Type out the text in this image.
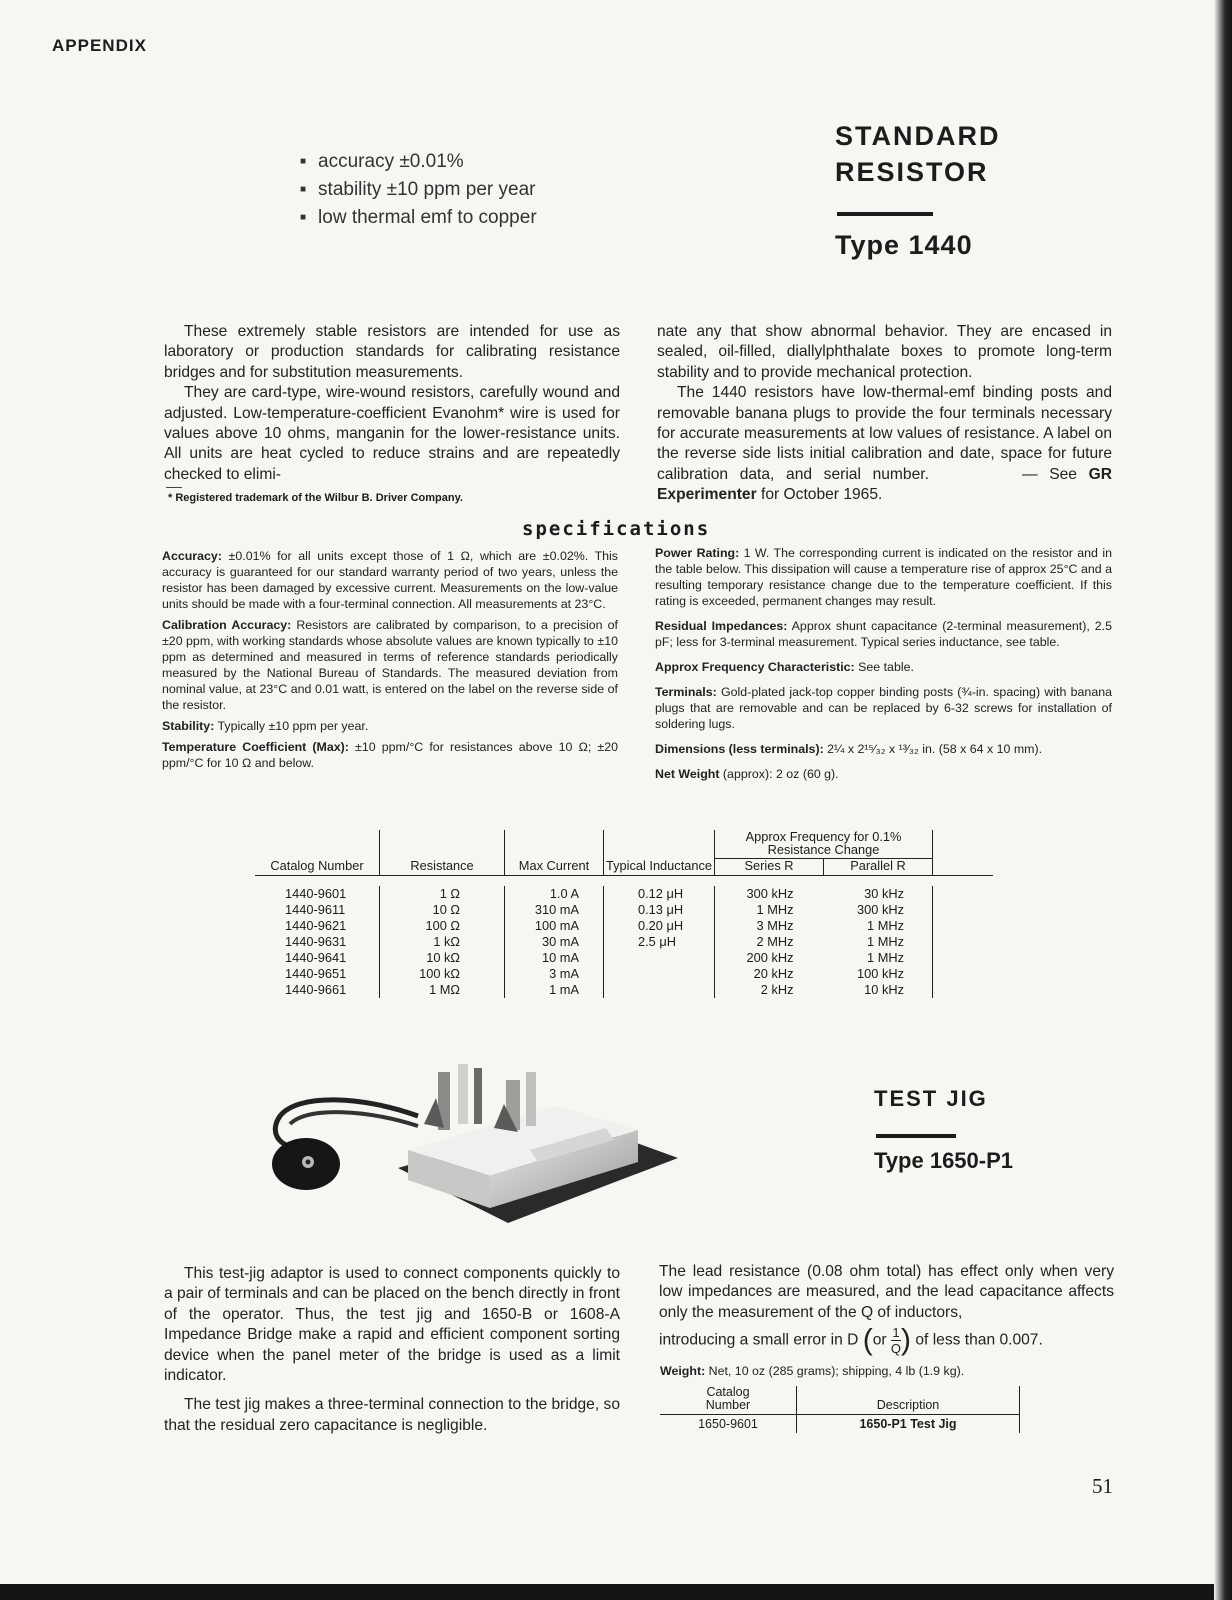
APPENDIX
■ accuracy ±0.01%
■ stability ±10 ppm per year
■ low thermal emf to copper
STANDARD
RESISTOR
Type 1440

These extremely stable resistors are intended for use as laboratory or production standards for calibrating resistance bridges and for substitution measurements.

They are card-type, wire-wound resistors, carefully wound and adjusted. Low-temperature-coefficient Evanohm* wire is used for values above 10 ohms, manganin for the lower-resistance units. All units are heat cycled to reduce strains and are repeatedly checked to elimi-

* Registered trademark of the Wilbur B. Driver Company.

nate any that show abnormal behavior. They are encased in sealed, oil-filled, diallylphthalate boxes to promote long-term stability and to provide mechanical protection.

The 1440 resistors have low-thermal-emf binding posts and removable banana plugs to provide the four terminals necessary for accurate measurements at low values of resistance. A label on the reverse side lists initial calibration and date, space for future calibration data, and serial number.	— See GR Experimenter for October 1965.

specifications

Accuracy: ±0.01% for all units except those of 1 Ω, which are ±0.02%. This accuracy is guaranteed for our standard warranty period of two years, unless the resistor has been damaged by excessive current. Measurements on the low-value units should be made with a four-terminal connection. All measurements at 23°C.

Calibration Accuracy: Resistors are calibrated by comparison, to a precision of ±20 ppm, with working standards whose absolute values are known typically to ±10 ppm as determined and measured in terms of reference standards periodically measured by the National Bureau of Standards. The measured deviation from nominal value, at 23°C and 0.01 watt, is entered on the label on the reverse side of the resistor.

Stability: Typically ±10 ppm per year.

Temperature Coefficient (Max): ±10 ppm/°C for resistances above 10 Ω; ±20 ppm/°C for 10 Ω and below.

Power Rating: 1 W. The corresponding current is indicated on the resistor and in the table below. This dissipation will cause a temperature rise of approx 25°C and a resulting temporary resistance change due to the temperature coefficient. If this rating is exceeded, permanent changes may result.

Residual Impedances: Approx shunt capacitance (2-terminal measurement), 2.5 pF; less for 3-terminal measurement. Typical series inductance, see table.

Approx Frequency Characteristic: See table.

Terminals: Gold-plated jack-top copper binding posts (¾-in. spacing) with banana plugs that are removable and can be replaced by 6-32 screws for installation of soldering lugs.

Dimensions (less terminals): 2¼ x 2¹⁵⁄₃₂ x ¹³⁄₃₂ in. (58 x 64 x 10 mm).

Net Weight (approx): 2 oz (60 g).

Catalog Number	Resistance	Max Current	Typical Inductance	Approx Frequency for 0.1% Resistance Change		

				Series R	Parallel R	

1440-9601	1 Ω	1.0 A	0.12 μH	300 kHz	30 kHz	
1440-9611	10 Ω	310 mA	0.13 μH	1 MHz	300 kHz	
1440-9621	100 Ω	100 mA	0.20 μH	3 MHz	1 MHz	
1440-9631	1 kΩ	30 mA	2.5 μH	2 MHz	1 MHz	
1440-9641	10 kΩ	10 mA		200 kHz	1 MHz	
1440-9651	100 kΩ	3 mA		20 kHz	100 kHz	
1440-9661	1 MΩ	1 mA		2 kHz	10 kHz	
TEST JIG
Type 1650-P1

This test-jig adaptor is used to connect components quickly to a pair of terminals and can be placed on the bench directly in front of the operator. Thus, the test jig and 1650-B or 1608-A Impedance Bridge make a rapid and efficient component sorting device when the panel meter of the bridge is used as a limit indicator.

The test jig makes a three-terminal connection to the bridge, so that the residual zero capacitance is negligible.

The lead resistance (0.08 ohm total) has effect only when very low impedances are measured, and the lead capacitance affects only the measurement of the Q of inductors,

introducing a small error in D ($or \frac{1}{Q}$ ) of less than 0.007.

Weight: Net, 10 oz (285 grams); shipping, 4 lb (1.9 kg).
Catalog Number	Description
1650-9601	1650-P1 Test Jig
51
